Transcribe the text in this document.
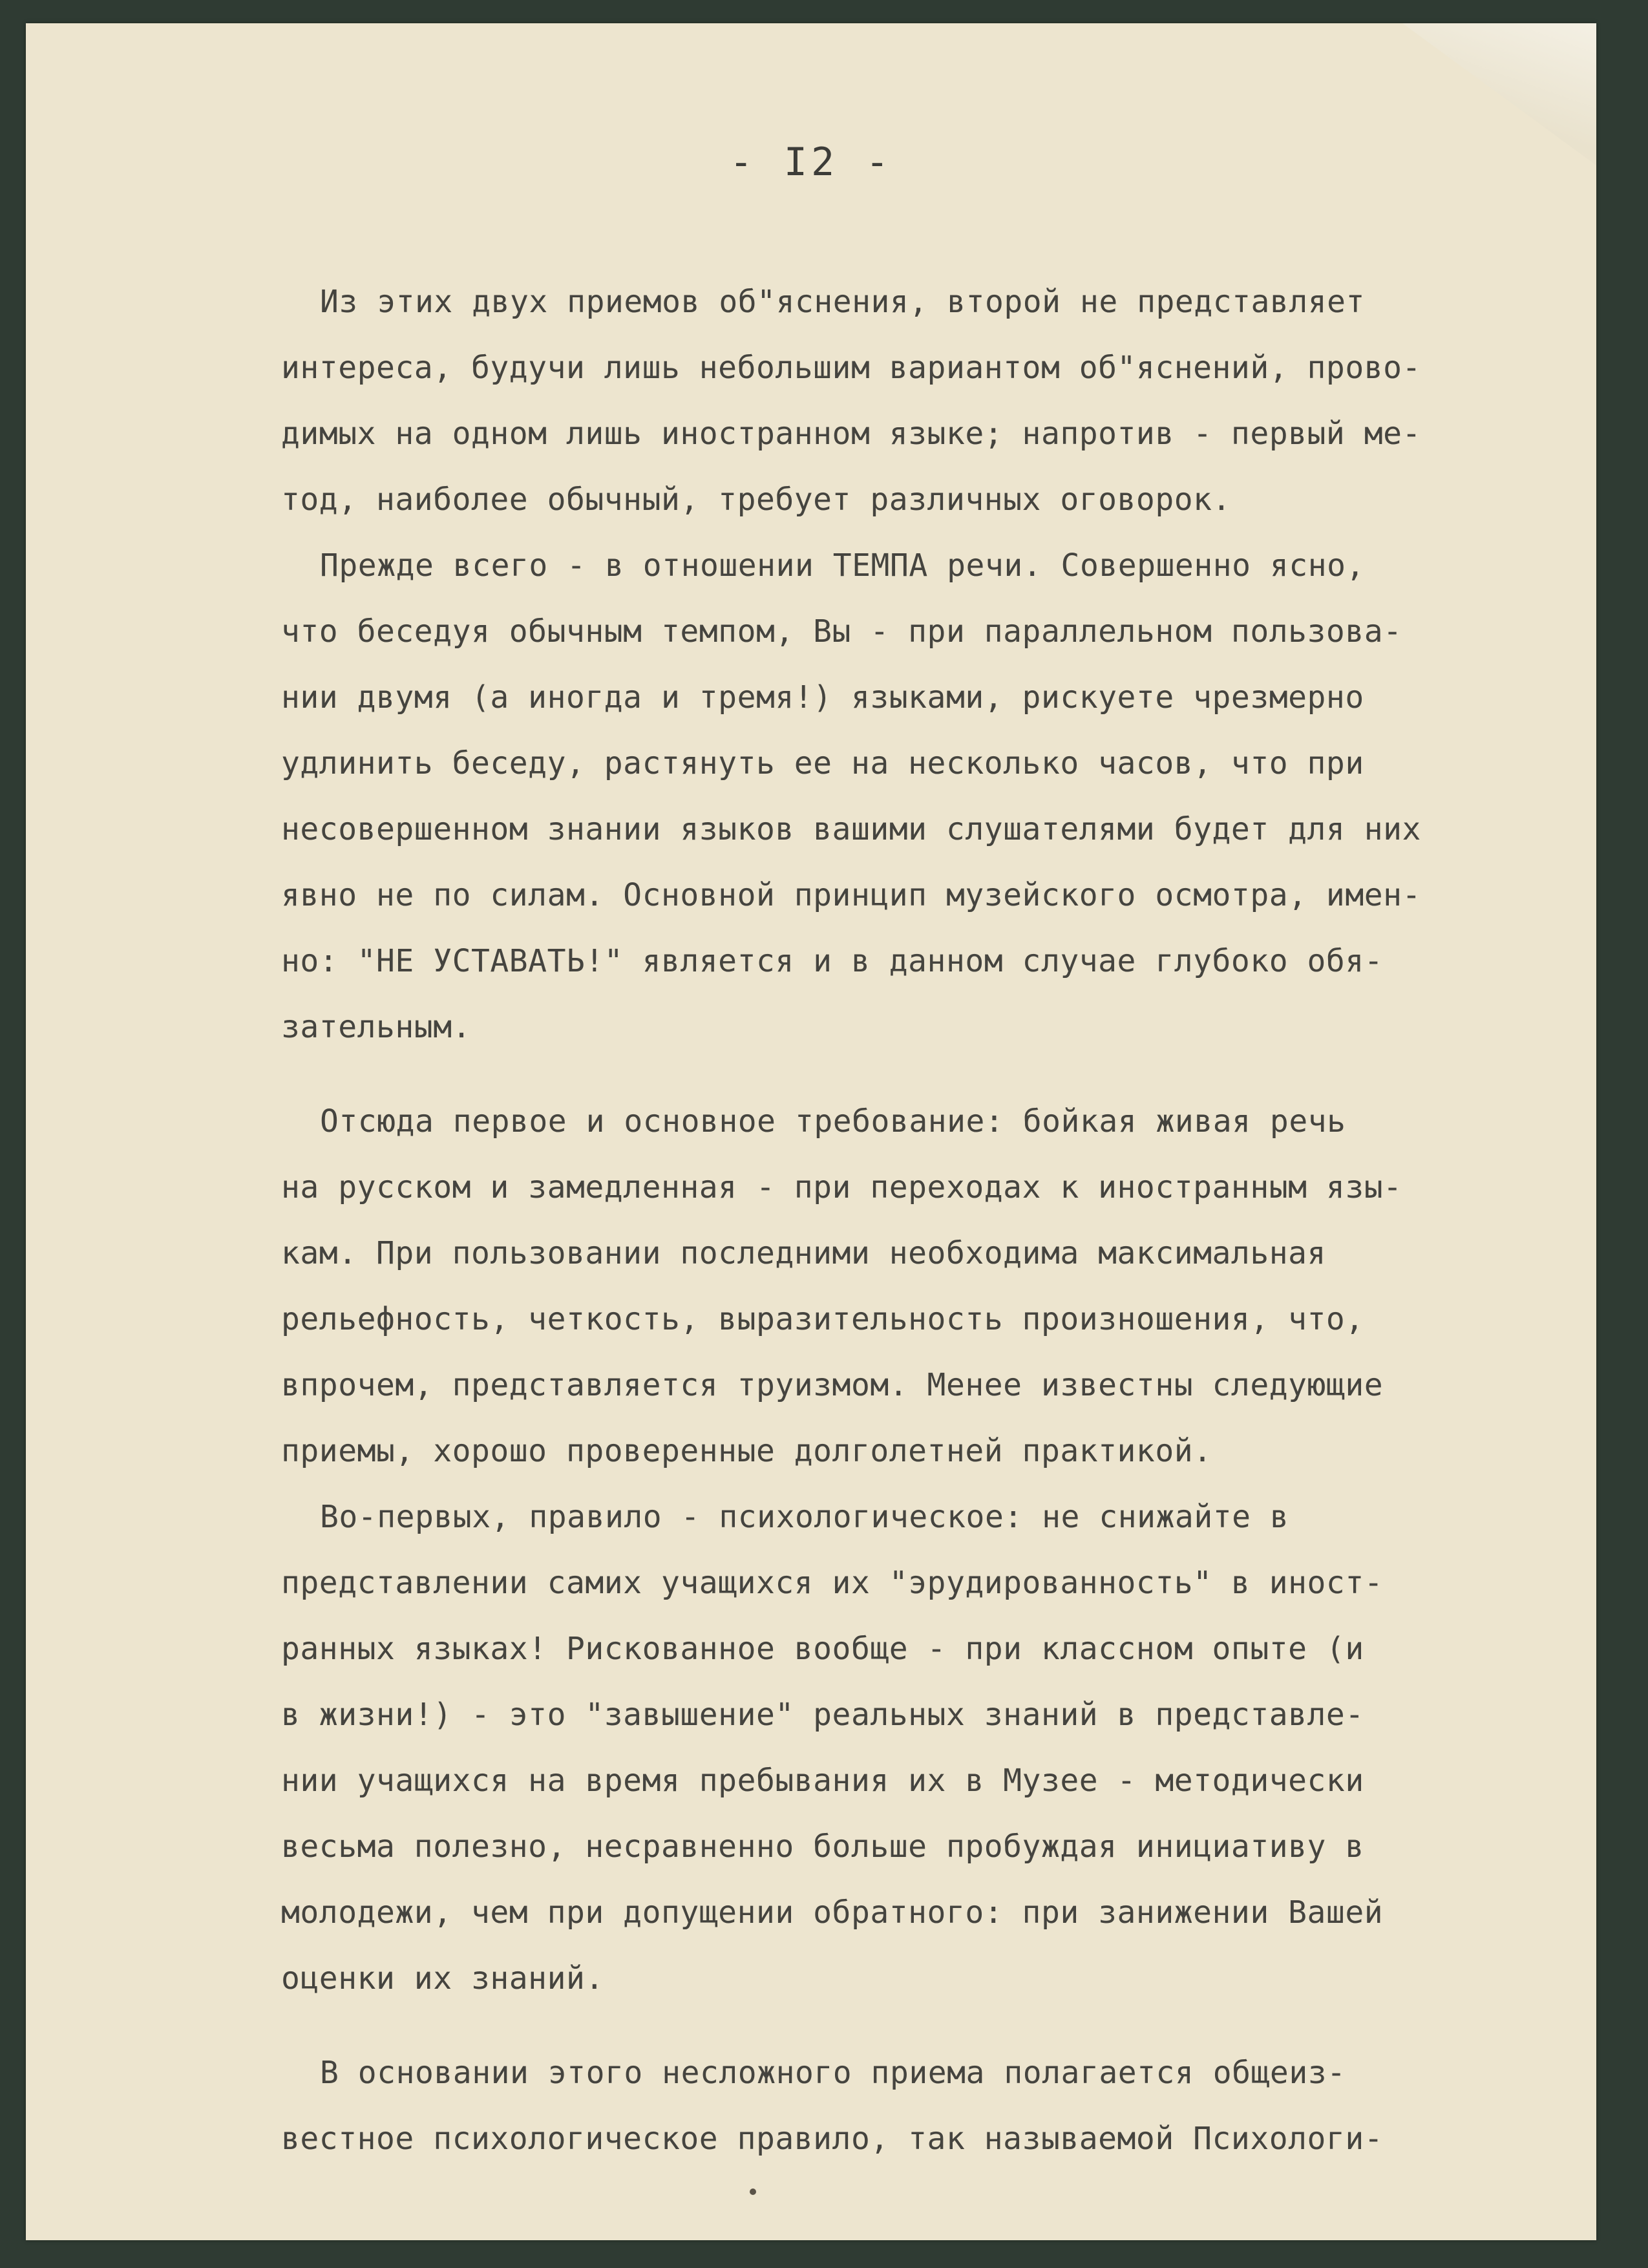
- I2 -
Из этих двух приемов об"яснения, второй не представляет
интереса, будучи лишь небольшим вариантом об"яснений, прово-
димых на одном лишь иностранном языке; напротив - первый ме-
тод, наиболее обычный, требует различных оговорок.
Прежде всего - в отношении ТЕМПА речи. Совершенно ясно,
что беседуя обычным темпом, Вы - при параллельном пользова-
нии двумя (а иногда и тремя!) языками, рискуете чрезмерно
удлинить беседу, растянуть ее на несколько часов, что при
несовершенном знании языков вашими слушателями будет для них
явно не по силам. Основной принцип музейского осмотра, имен-
но: "НЕ УСТАВАТЬ!" является и в данном случае глубоко обя-
зательным.
Отсюда первое и основное требование: бойкая живая речь
на русском и замедленная - при переходах к иностранным язы-
кам. При пользовании последними необходима максимальная
рельефность, четкость, выразительность произношения, что,
впрочем, представляется труизмом. Менее известны следующие
приемы, хорошо проверенные долголетней практикой.
Во-первых, правило - психологическое: не снижайте в
представлении самих учащихся их "эрудированность" в иност-
ранных языках! Рискованное вообще - при классном опыте (и
в жизни!) - это "завышение" реальных знаний в представле-
нии учащихся на время пребывания их в Музее - методически
весьма полезно, несравненно больше пробуждая инициативу в
молодежи, чем при допущении обратного: при занижении Вашей
оценки их знаний.
В основании этого несложного приема полагается общеиз-
вестное психологическое правило, так называемой Психологи-
